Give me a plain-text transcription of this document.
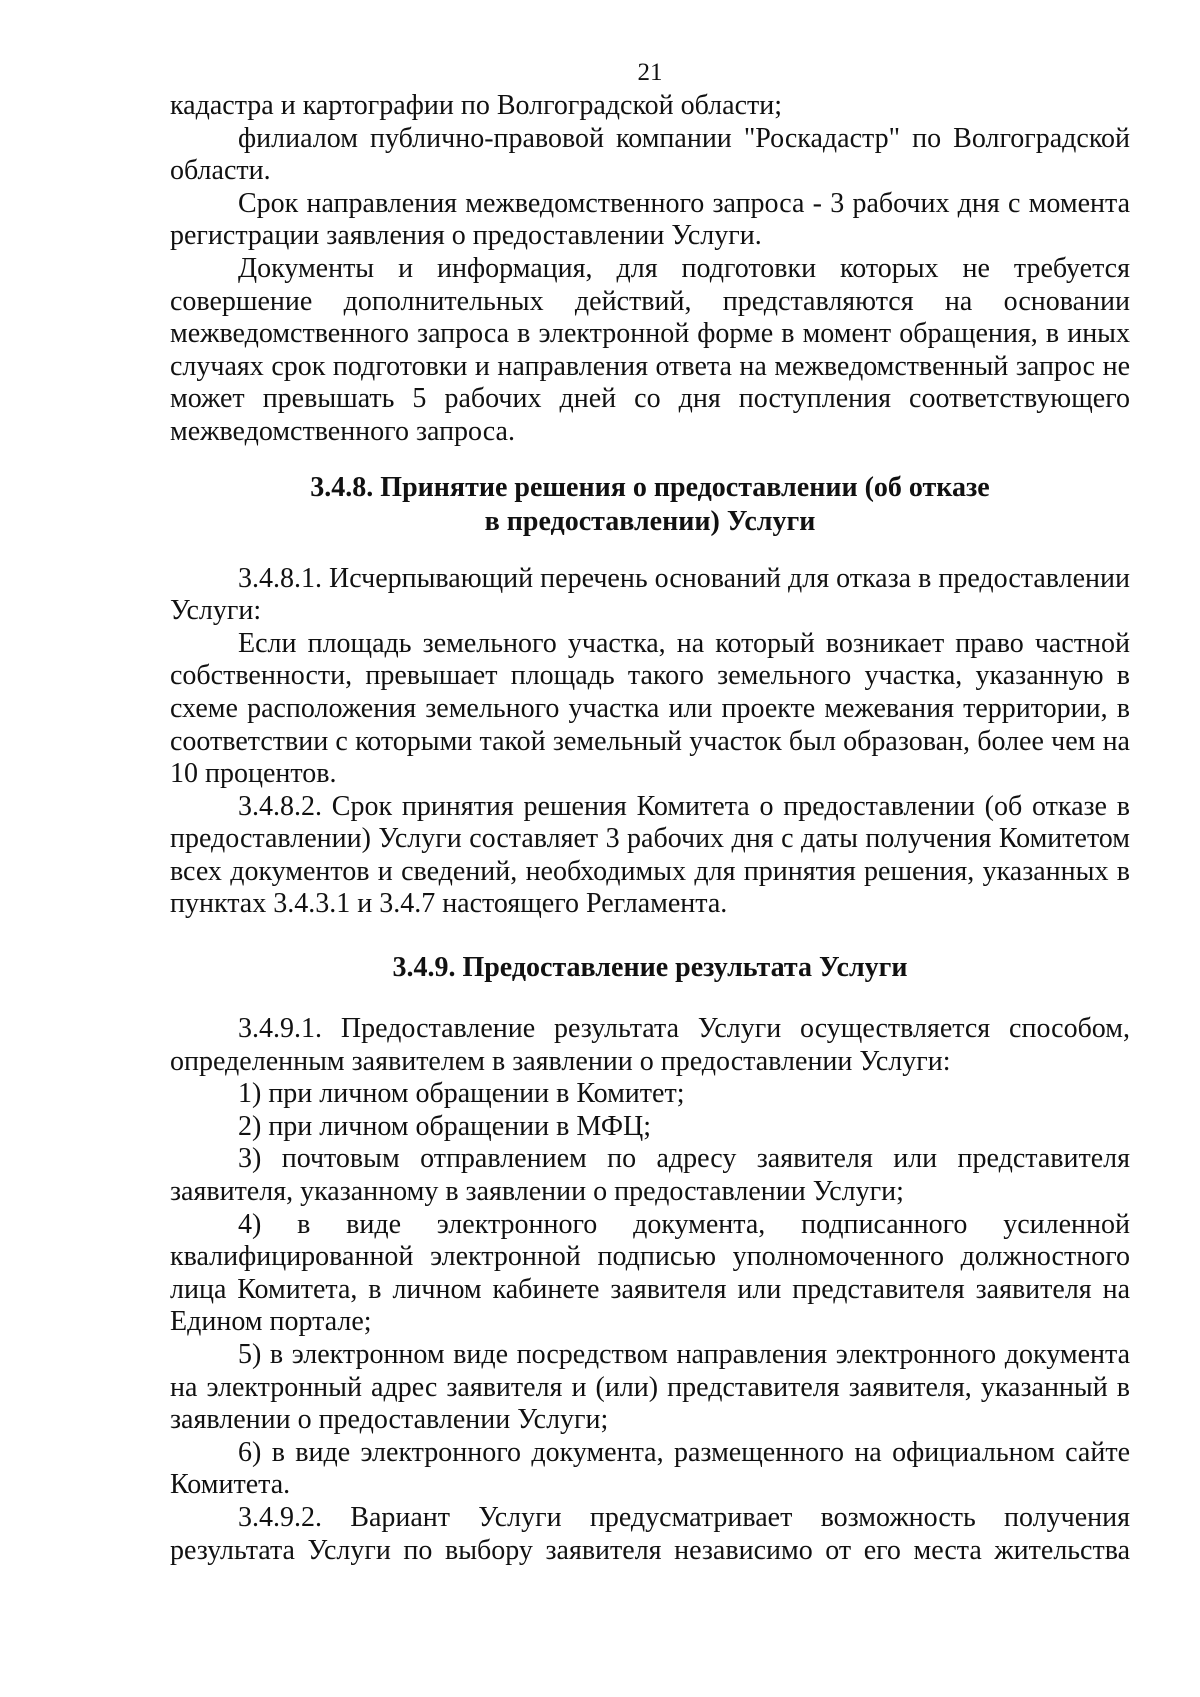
21

кадастра и картографии по Волгоградской области;

филиалом публично-правовой компании "Роскадастр" по Волгоградской области.

Срок направления межведомственного запроса - 3 рабочих дня с момента регистрации заявления о предоставлении Услуги.

Документы и информация, для подготовки которых не требуется совершение дополнительных действий, представляются на основании межведомственного запроса в электронной форме в момент обращения, в иных случаях срок подготовки и направления ответа на межведомственный запрос не может превышать 5 рабочих дней со дня поступления соответствующего межведомственного запроса.

3.4.8. Принятие решения о предоставлении (об отказе
в предоставлении) Услуги

3.4.8.1. Исчерпывающий перечень оснований для отказа в предоставлении Услуги:

Если площадь земельного участка, на который возникает право частной собственности, превышает площадь такого земельного участка, указанную в схеме расположения земельного участка или проекте межевания территории, в соответствии с которыми такой земельный участок был образован, более чем на 10 процентов.

3.4.8.2. Срок принятия решения Комитета о предоставлении (об отказе в предоставлении) Услуги составляет 3 рабочих дня с даты получения Комитетом всех документов и сведений, необходимых для принятия решения, указанных в пунктах 3.4.3.1 и 3.4.7 настоящего Регламента.

3.4.9. Предоставление результата Услуги

3.4.9.1. Предоставление результата Услуги осуществляется способом, определенным заявителем в заявлении о предоставлении Услуги:

1) при личном обращении в Комитет;

2) при личном обращении в МФЦ;

3) почтовым отправлением по адресу заявителя или представителя заявителя, указанному в заявлении о предоставлении Услуги;

4) в виде электронного документа, подписанного усиленной квалифицированной электронной подписью уполномоченного должностного лица Комитета, в личном кабинете заявителя или представителя заявителя на Едином портале;

5) в электронном виде посредством направления электронного документа на электронный адрес заявителя и (или) представителя заявителя, указанный в заявлении о предоставлении Услуги;

6) в виде электронного документа, размещенного на официальном сайте Комитета.

3.4.9.2. Вариант Услуги предусматривает возможность получения результата Услуги по выбору заявителя независимо от его места жительства
